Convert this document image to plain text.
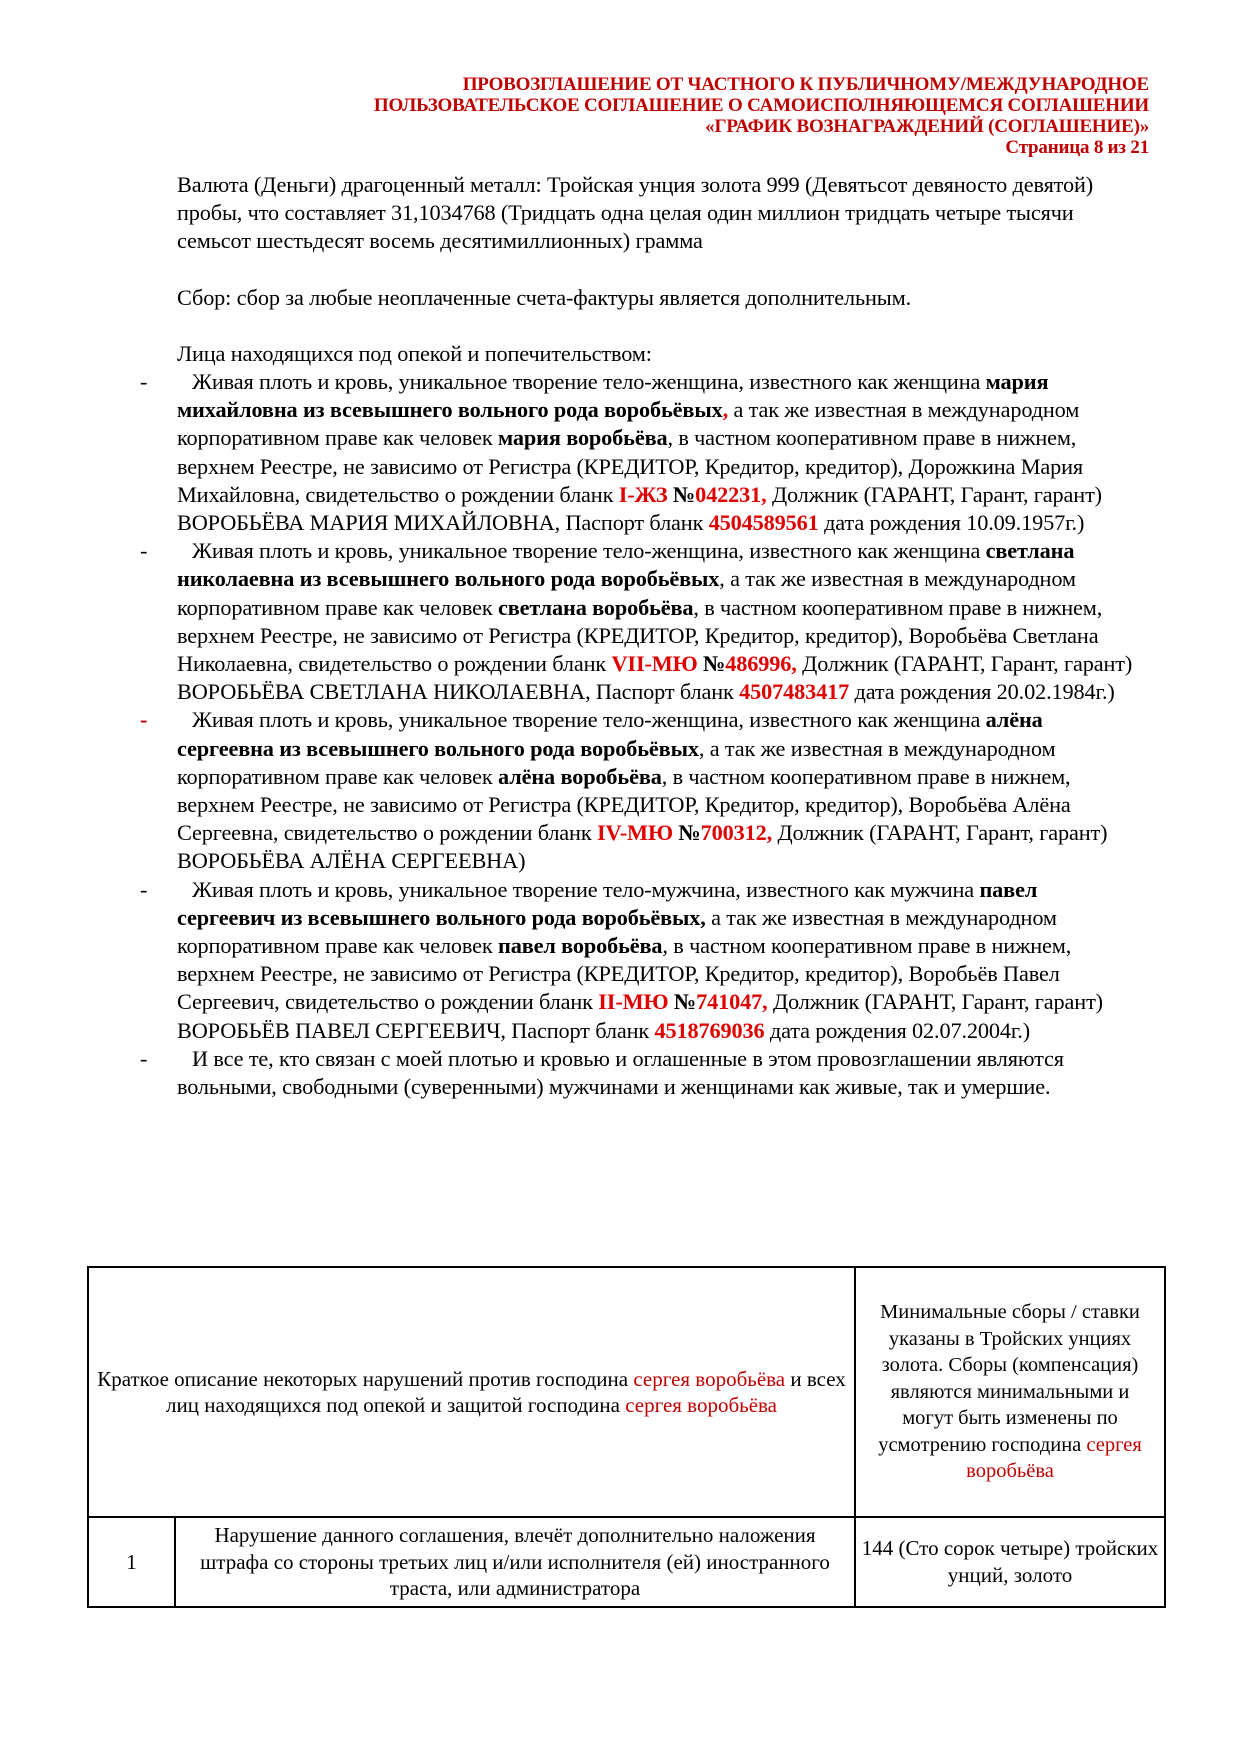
ПРОВОЗГЛАШЕНИЕ ОТ ЧАСТНОГО К ПУБЛИЧНОМУ/МЕЖДУНАРОДНОЕ
ПОЛЬЗОВАТЕЛЬСКОЕ СОГЛАШЕНИЕ О САМОИСПОЛНЯЮЩЕМСЯ СОГЛАШЕНИИ
«ГРАФИК ВОЗНАГРАЖДЕНИЙ (СОГЛАШЕНИЕ)»
Страница 8 из 21

Валюта (Деньги) драгоценный металл: Тройская унция золота 999 (Девятьсот девяносто девятой) пробы, что составляет 31,1034768 (Тридцать одна целая один миллион тридцать четыре тысячи семьсот шестьдесят восемь десятимиллионных) грамма

Сбор: сбор за любые неоплаченные счета-фактуры является дополнительным.

Лица находящихся под опекой и попечительством:

- Живая плоть и кровь, уникальное творение тело-женщина, известного как женщина мария михайловна из всевышнего вольного рода воробьёвых, а так же известная в международном корпоративном праве как человек мария воробьёва, в частном кооперативном праве в нижнем, верхнем Реестре, не зависимо от Регистра (КРЕДИТОР, Кредитор, кредитор), Дорожкина Мария Михайловна, свидетельство о рождении бланк I-ЖЗ №042231, Должник (ГАРАНТ, Гарант, гарант) ВОРОБЬЁВА МАРИЯ МИХАЙЛОВНА, Паспорт бланк 4504589561 дата рождения 10.09.1957г.)
- Живая плоть и кровь, уникальное творение тело-женщина, известного как женщина светлана николаевна из всевышнего вольного рода воробьёвых, а так же известная в международном корпоративном праве как человек светлана воробьёва, в частном кооперативном праве в нижнем, верхнем Реестре, не зависимо от Регистра (КРЕДИТОР, Кредитор, кредитор), Воробьёва Светлана Николаевна, свидетельство о рождении бланк VII-МЮ №486996, Должник (ГАРАНТ, Гарант, гарант) ВОРОБЬЁВА СВЕТЛАНА НИКОЛАЕВНА, Паспорт бланк 4507483417 дата рождения 20.02.1984г.)
- Живая плоть и кровь, уникальное творение тело-женщина, известного как женщина алёна сергеевна из всевышнего вольного рода воробьёвых, а так же известная в международном корпоративном праве как человек алёна воробьёва, в частном кооперативном праве в нижнем, верхнем Реестре, не зависимо от Регистра (КРЕДИТОР, Кредитор, кредитор), Воробьёва Алёна Сергеевна, свидетельство о рождении бланк IV-МЮ №700312, Должник (ГАРАНТ, Гарант, гарант) ВОРОБЬЁВА АЛЁНА СЕРГЕЕВНА)
- Живая плоть и кровь, уникальное творение тело-мужчина, известного как мужчина павел сергеевич из всевышнего вольного рода воробьёвых, а так же известная в международном корпоративном праве как человек павел воробьёва, в частном кооперативном праве в нижнем, верхнем Реестре, не зависимо от Регистра (КРЕДИТОР, Кредитор, кредитор), Воробьёв Павел Сергеевич, свидетельство о рождении бланк II-МЮ №741047, Должник (ГАРАНТ, Гарант, гарант) ВОРОБЬЁВ ПАВЕЛ СЕРГЕЕВИЧ, Паспорт бланк 4518769036 дата рождения 02.07.2004г.)
- И все те, кто связан с моей плотью и кровью и оглашенные в этом провозглашении являются вольными, свободными (суверенными) мужчинами и женщинами как живые, так и умершие.
Краткое описание некоторых нарушений против господина сергея воробьёва и всех лиц находящихся под опекой и защитой господина сергея воробьёва		Минимальные сборы / ставки указаны в Тройских унциях золота. Сборы (компенсация) являются минимальными и могут быть изменены по усмотрению господина сергея воробьёва
1	Нарушение данного соглашения, влечёт дополнительно наложения штрафа со стороны третьих лиц и/или исполнителя (ей) иностранного траста, или администратора	144 (Сто сорок четыре) тройских унций, золото
